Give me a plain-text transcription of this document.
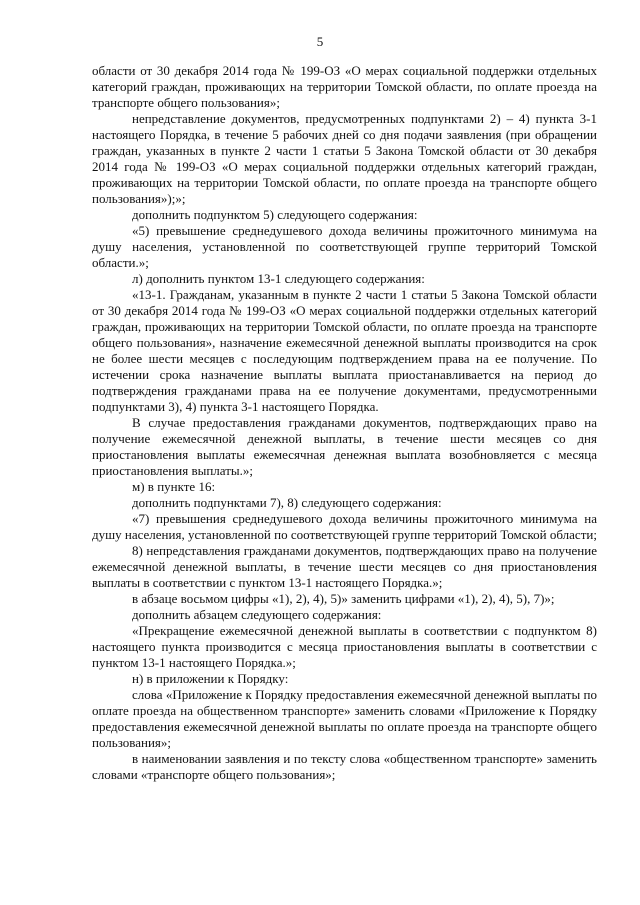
5

области от 30 декабря 2014 года № 199-ОЗ «О мерах социальной поддержки отдельных категорий граждан, проживающих на территории Томской области, по оплате проезда на транспорте общего пользования»;

непредставление документов, предусмотренных подпунктами 2) – 4) пункта 3-1 настоящего Порядка, в течение 5 рабочих дней со дня подачи заявления (при обращении граждан, указанных в пункте 2 части 1 статьи 5 Закона Томской области от 30 декабря 2014 года № 199-ОЗ «О мерах социальной поддержки отдельных категорий граждан, проживающих на территории Томской области, по оплате проезда на транспорте общего пользования»);»;

дополнить подпунктом 5) следующего содержания:

«5) превышение среднедушевого дохода величины прожиточного минимума на душу населения, установленной по соответствующей группе территорий Томской области.»;

л) дополнить пунктом 13-1 следующего содержания:

«13-1. Гражданам, указанным в пункте 2 части 1 статьи 5 Закона Томской области от 30 декабря 2014 года № 199-ОЗ «О мерах социальной поддержки отдельных категорий граждан, проживающих на территории Томской области, по оплате проезда на транспорте общего пользования», назначение ежемесячной денежной выплаты производится на срок не более шести месяцев с последующим подтверждением права на ее получение. По истечении срока назначение выплаты выплата приостанавливается на период до подтверждения гражданами права на ее получение документами, предусмотренными подпунктами 3), 4) пункта 3-1 настоящего Порядка.

В случае предоставления гражданами документов, подтверждающих право на получение ежемесячной денежной выплаты, в течение шести месяцев со дня приостановления выплаты ежемесячная денежная выплата возобновляется с месяца приостановления выплаты.»;

м) в пункте 16:

дополнить подпунктами 7), 8) следующего содержания:

«7) превышения среднедушевого дохода величины прожиточного минимума на душу населения, установленной по соответствующей группе территорий Томской области;

8) непредставления гражданами документов, подтверждающих право на получение ежемесячной денежной выплаты, в течение шести месяцев со дня приостановления выплаты в соответствии с пунктом 13-1 настоящего Порядка.»;

в абзаце восьмом цифры «1), 2), 4), 5)» заменить цифрами «1), 2), 4), 5), 7)»;

дополнить абзацем следующего содержания:

«Прекращение ежемесячной денежной выплаты в соответствии с подпунктом 8) настоящего пункта производится с месяца приостановления выплаты в соответствии с пунктом 13-1 настоящего Порядка.»;

н) в приложении к Порядку:

слова «Приложение к Порядку предоставления ежемесячной денежной выплаты по оплате проезда на общественном транспорте» заменить словами «Приложение к Порядку предоставления ежемесячной денежной выплаты по оплате проезда на транспорте общего пользования»;

в наименовании заявления и по тексту слова «общественном транспорте» заменить словами «транспорте общего пользования»;
